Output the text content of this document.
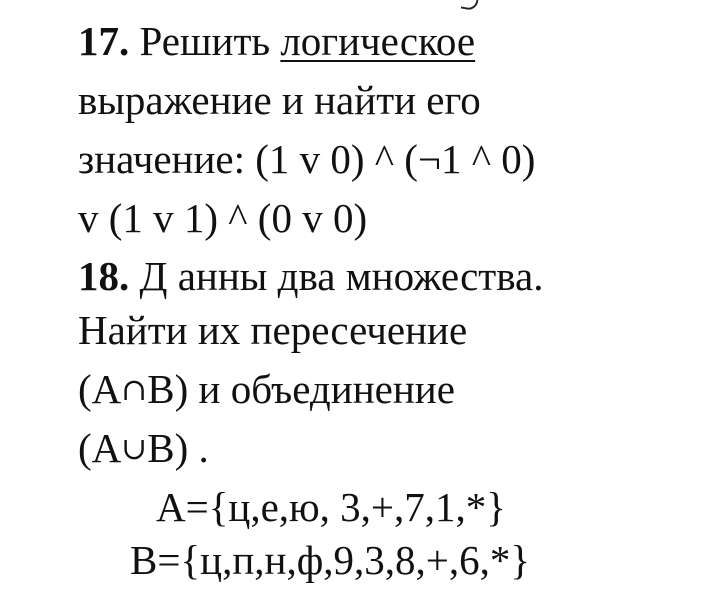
17. Решить логическое
выражение и найти его
значение: (1 v 0) ^ (¬1 ^ 0)
v (1 v 1) ^ (0 v 0)
18. Д анны два множества.
Найти их пересечение
(A∩B) и объединение
(A∪B) .
A={ц,е,ю, 3,+,7,1,*}
B={ц,п,н,ф,9,3,8,+,6,*}
